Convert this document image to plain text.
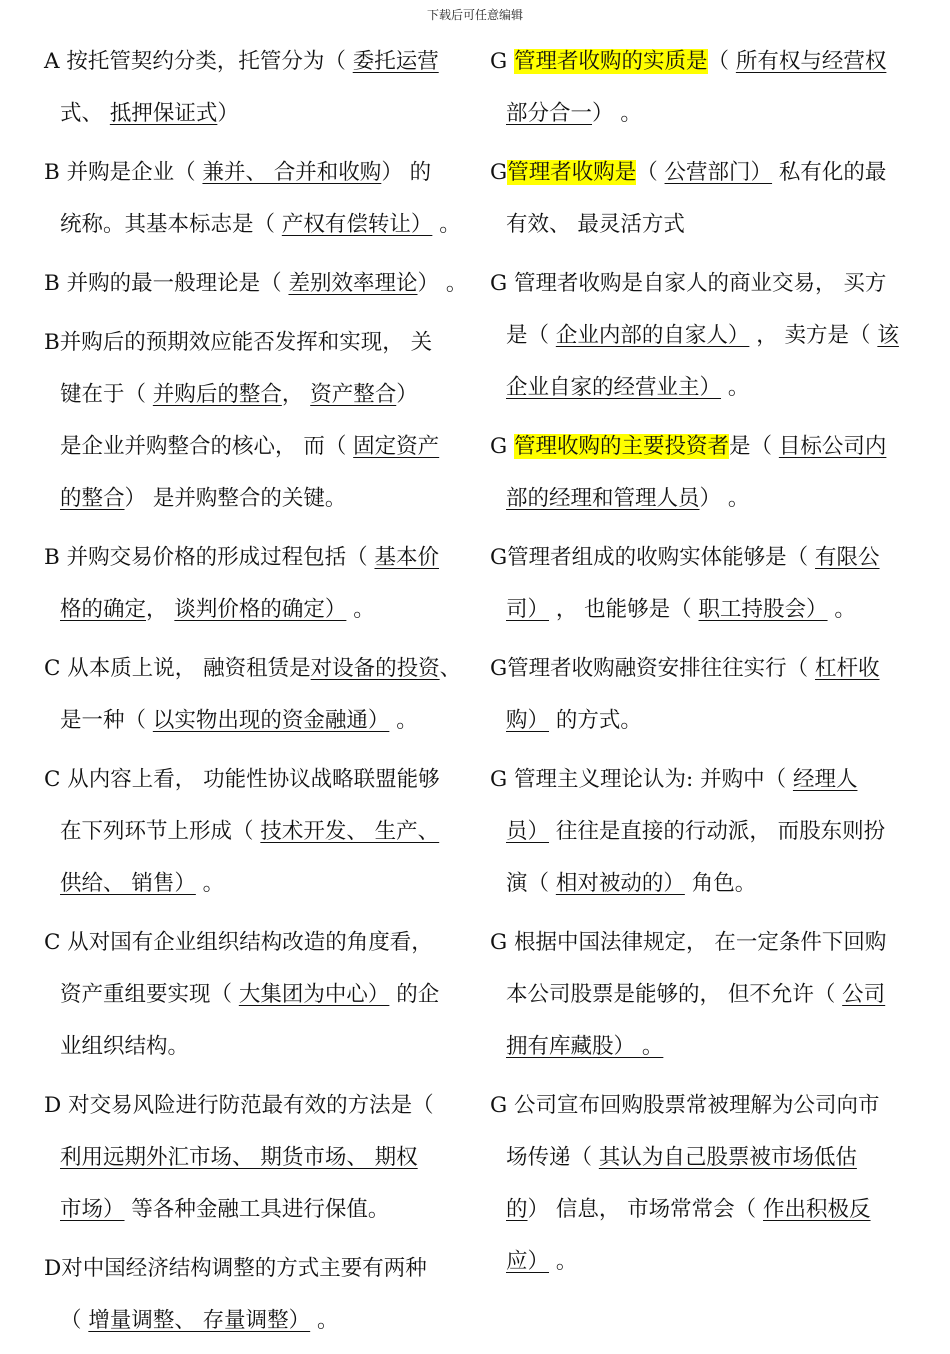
下载后可任意编辑
A 按托管契约分类，托管分为（ 委托运营
式、 抵押保证式）
B 并购是企业（ 兼并、 合并和收购） 的
统称。其基本标志是（ 产权有偿转让） 。
B 并购的最一般理论是（ 差别效率理论） 。
B并购后的预期效应能否发挥和实现， 关
键在于（ 并购后的整合， 资产整合）
是企业并购整合的核心， 而（ 固定资产
的整合） 是并购整合的关键。
B 并购交易价格的形成过程包括（ 基本价
格的确定， 谈判价格的确定） 。
C 从本质上说， 融资租赁是对设备的投资、
是一种（ 以实物出现的资金融通） 。
C 从内容上看， 功能性协议战略联盟能够
在下列环节上形成（ 技术开发、 生产、
供给、 销售） 。
C 从对国有企业组织结构改造的角度看，
资产重组要实现（ 大集团为中心） 的企
业组织结构。
D 对交易风险进行防范最有效的方法是（
利用远期外汇市场、 期货市场、 期权
市场） 等各种金融工具进行保值。
D对中国经济结构调整的方式主要有两种
（ 增量调整、 存量调整） 。
G 管理者收购的实质是（ 所有权与经营权
部分合一） 。
G管理者收购是（ 公营部门） 私有化的最
有效、 最灵活方式
G 管理者收购是自家人的商业交易， 买方
是（ 企业内部的自家人） ， 卖方是（ 该
企业自家的经营业主） 。
G 管理收购的主要投资者是（ 目标公司内
部的经理和管理人员） 。
G管理者组成的收购实体能够是（ 有限公
司） ， 也能够是（ 职工持股会） 。
G管理者收购融资安排往往实行（ 杠杆收
购） 的方式。
G 管理主义理论认为: 并购中（ 经理人
员） 往往是直接的行动派， 而股东则扮
演（ 相对被动的） 角色。
G 根据中国法律规定， 在一定条件下回购
本公司股票是能够的， 但不允许（ 公司
拥有库藏股） 。
G 公司宣布回购股票常被理解为公司向市
场传递（ 其认为自己股票被市场低估
的） 信息， 市场常常会（ 作出积极反
应） 。
